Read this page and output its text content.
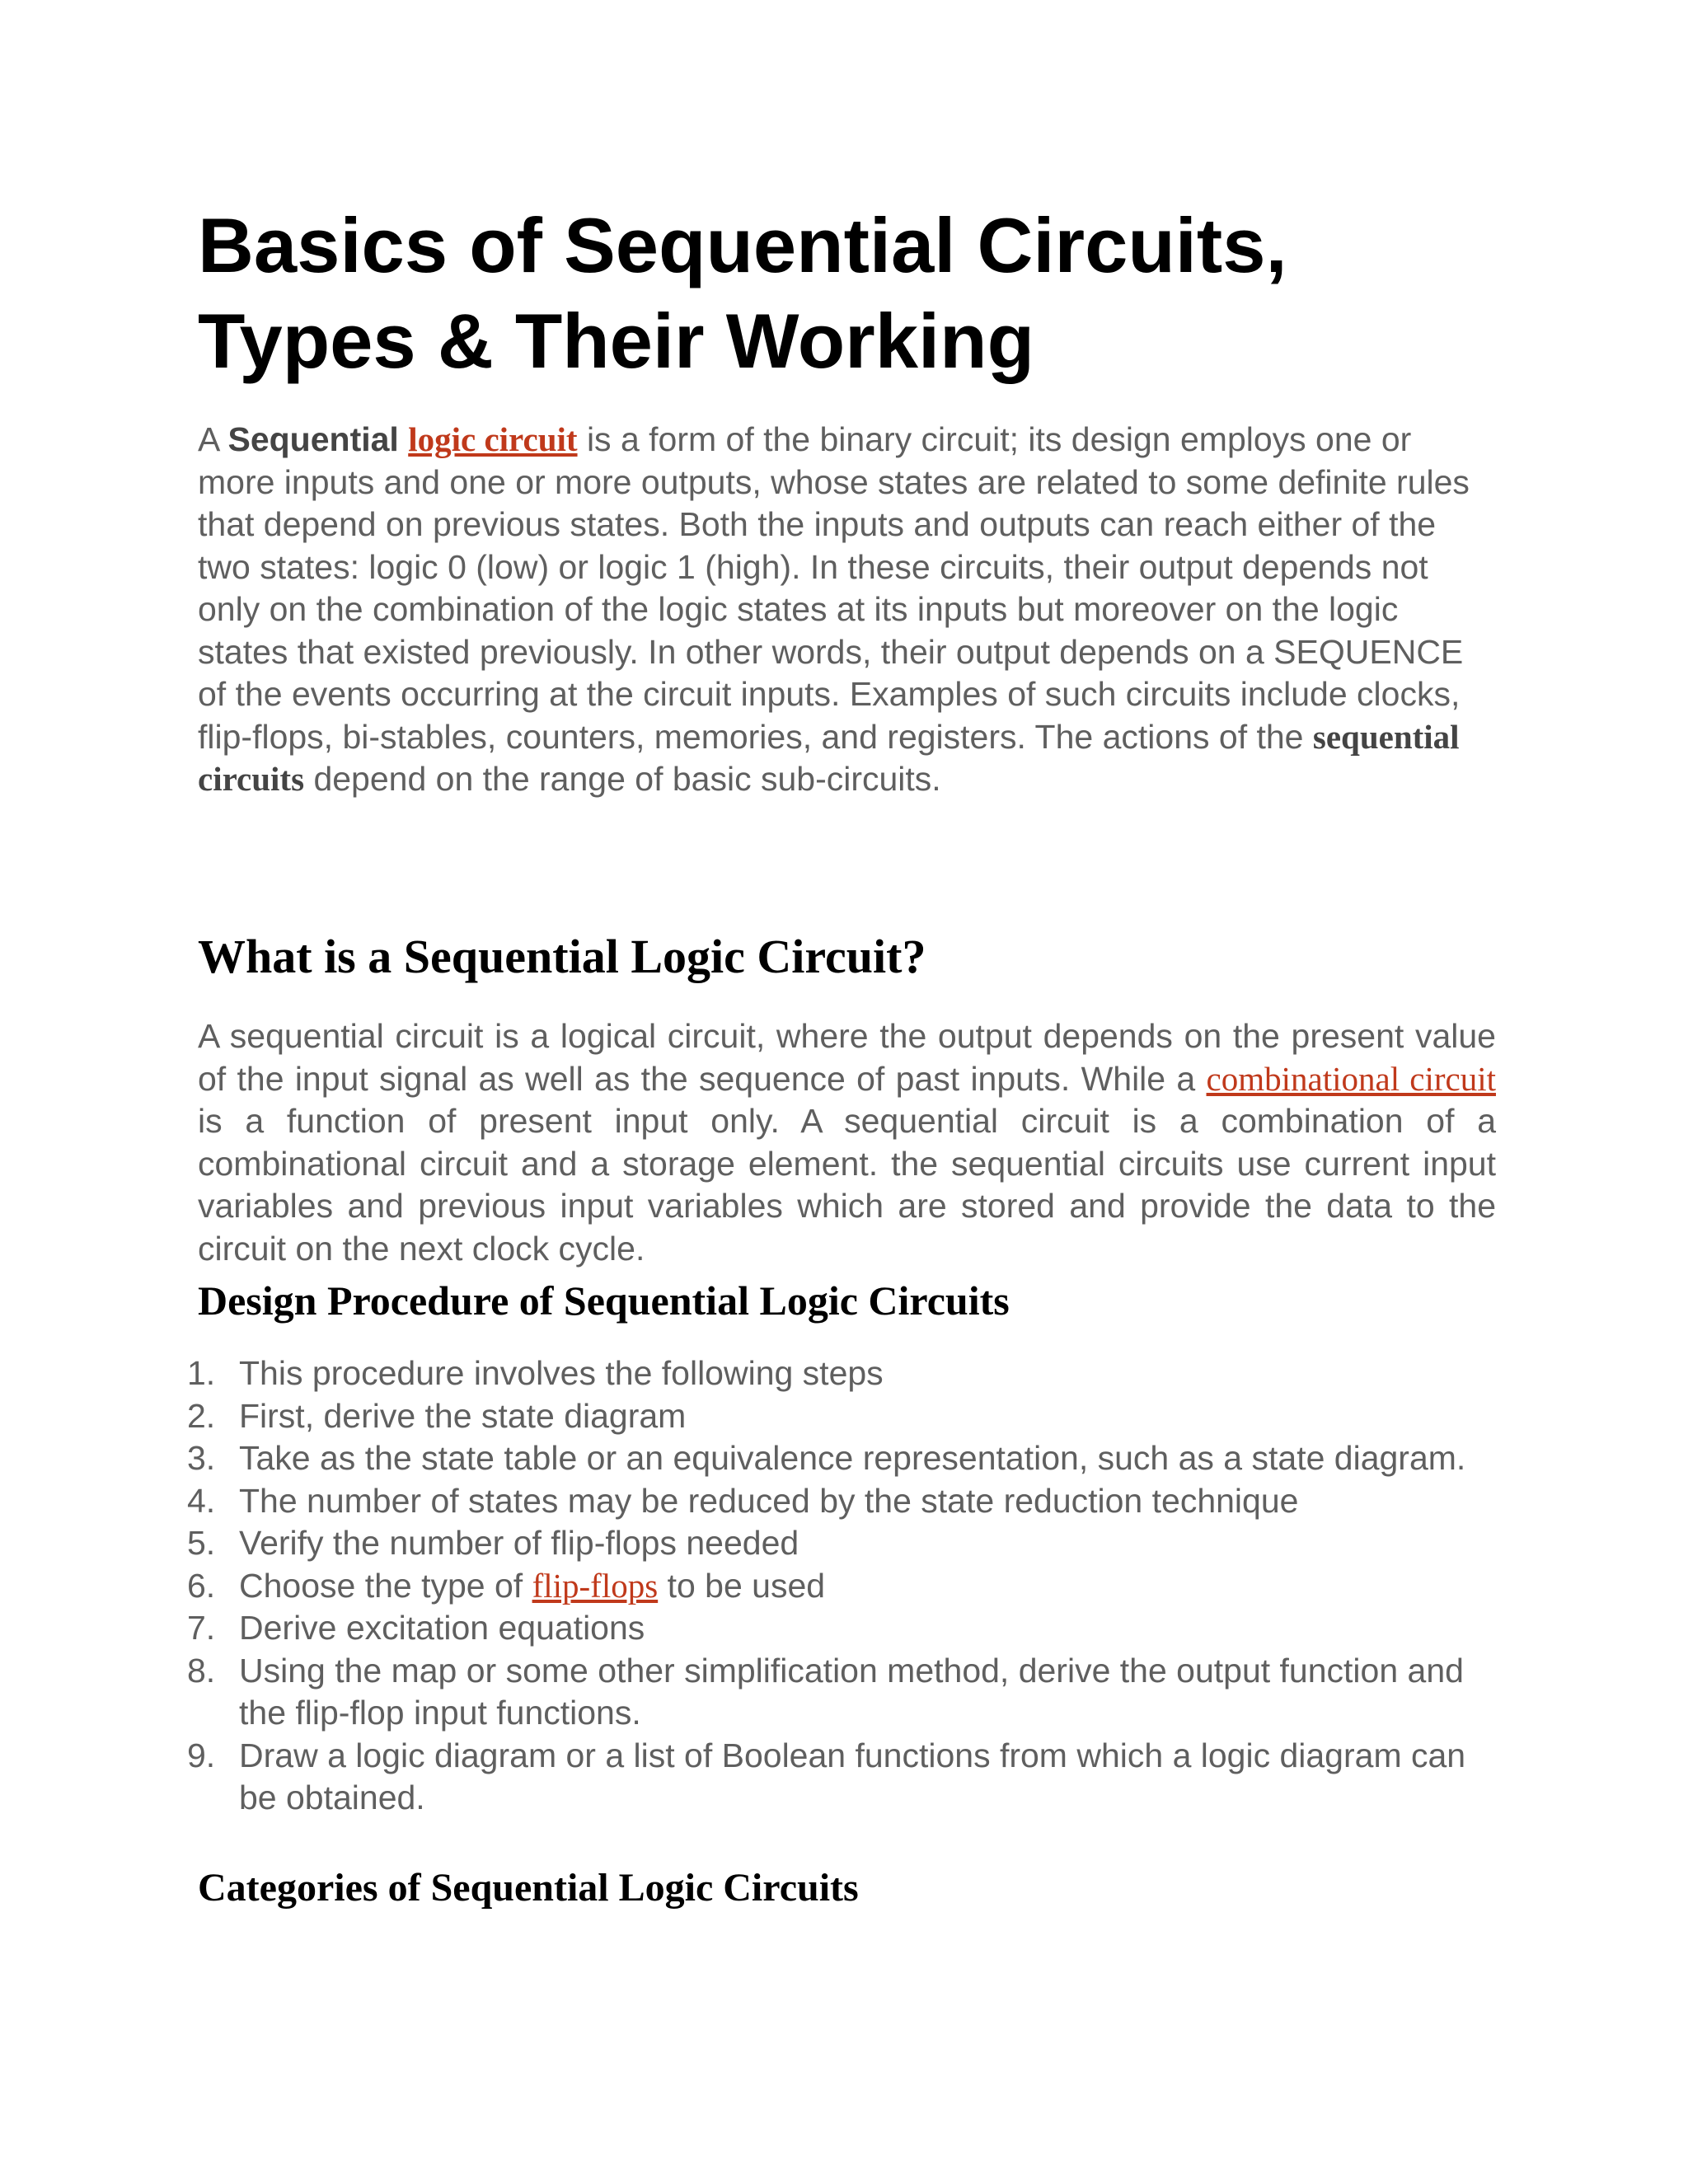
Basics of Sequential Circuits, Types & Their Working

A Sequential logic circuit is a form of the binary circuit; its design employs one or more inputs and one or more outputs, whose states are related to some definite rules that depend on previous states. Both the inputs and outputs can reach either of the two states: logic 0 (low) or logic 1 (high). In these circuits, their output depends not only on the combination of the logic states at its inputs but moreover on the logic states that existed previously. In other words, their output depends on a SEQUENCE of the events occurring at the circuit inputs. Examples of such circuits include clocks, flip-flops, bi-stables, counters, memories, and registers. The actions of the sequential circuits depend on the range of basic sub-circuits.

What is a Sequential Logic Circuit?

A sequential circuit is a logical circuit, where the output depends on the present value of the input signal as well as the sequence of past inputs. While a combinational circuit is a function of present input only. A sequential circuit is a combination of a combinational circuit and a storage element. the sequential circuits use current input variables and previous input variables which are stored and provide the data to the circuit on the next clock cycle.

Design Procedure of Sequential Logic Circuits
1. This procedure involves the following steps
2. First, derive the state diagram
3. Take as the state table or an equivalence representation, such as a state diagram.
4. The number of states may be reduced by the state reduction technique
5. Verify the number of flip-flops needed
6. Choose the type of flip-flops to be used
7. Derive excitation equations
8. Using the map or some other simplification method, derive the output function and the flip-flop input functions.
9. Draw a logic diagram or a list of Boolean functions from which a logic diagram can be obtained.
Categories of Sequential Logic Circuits
